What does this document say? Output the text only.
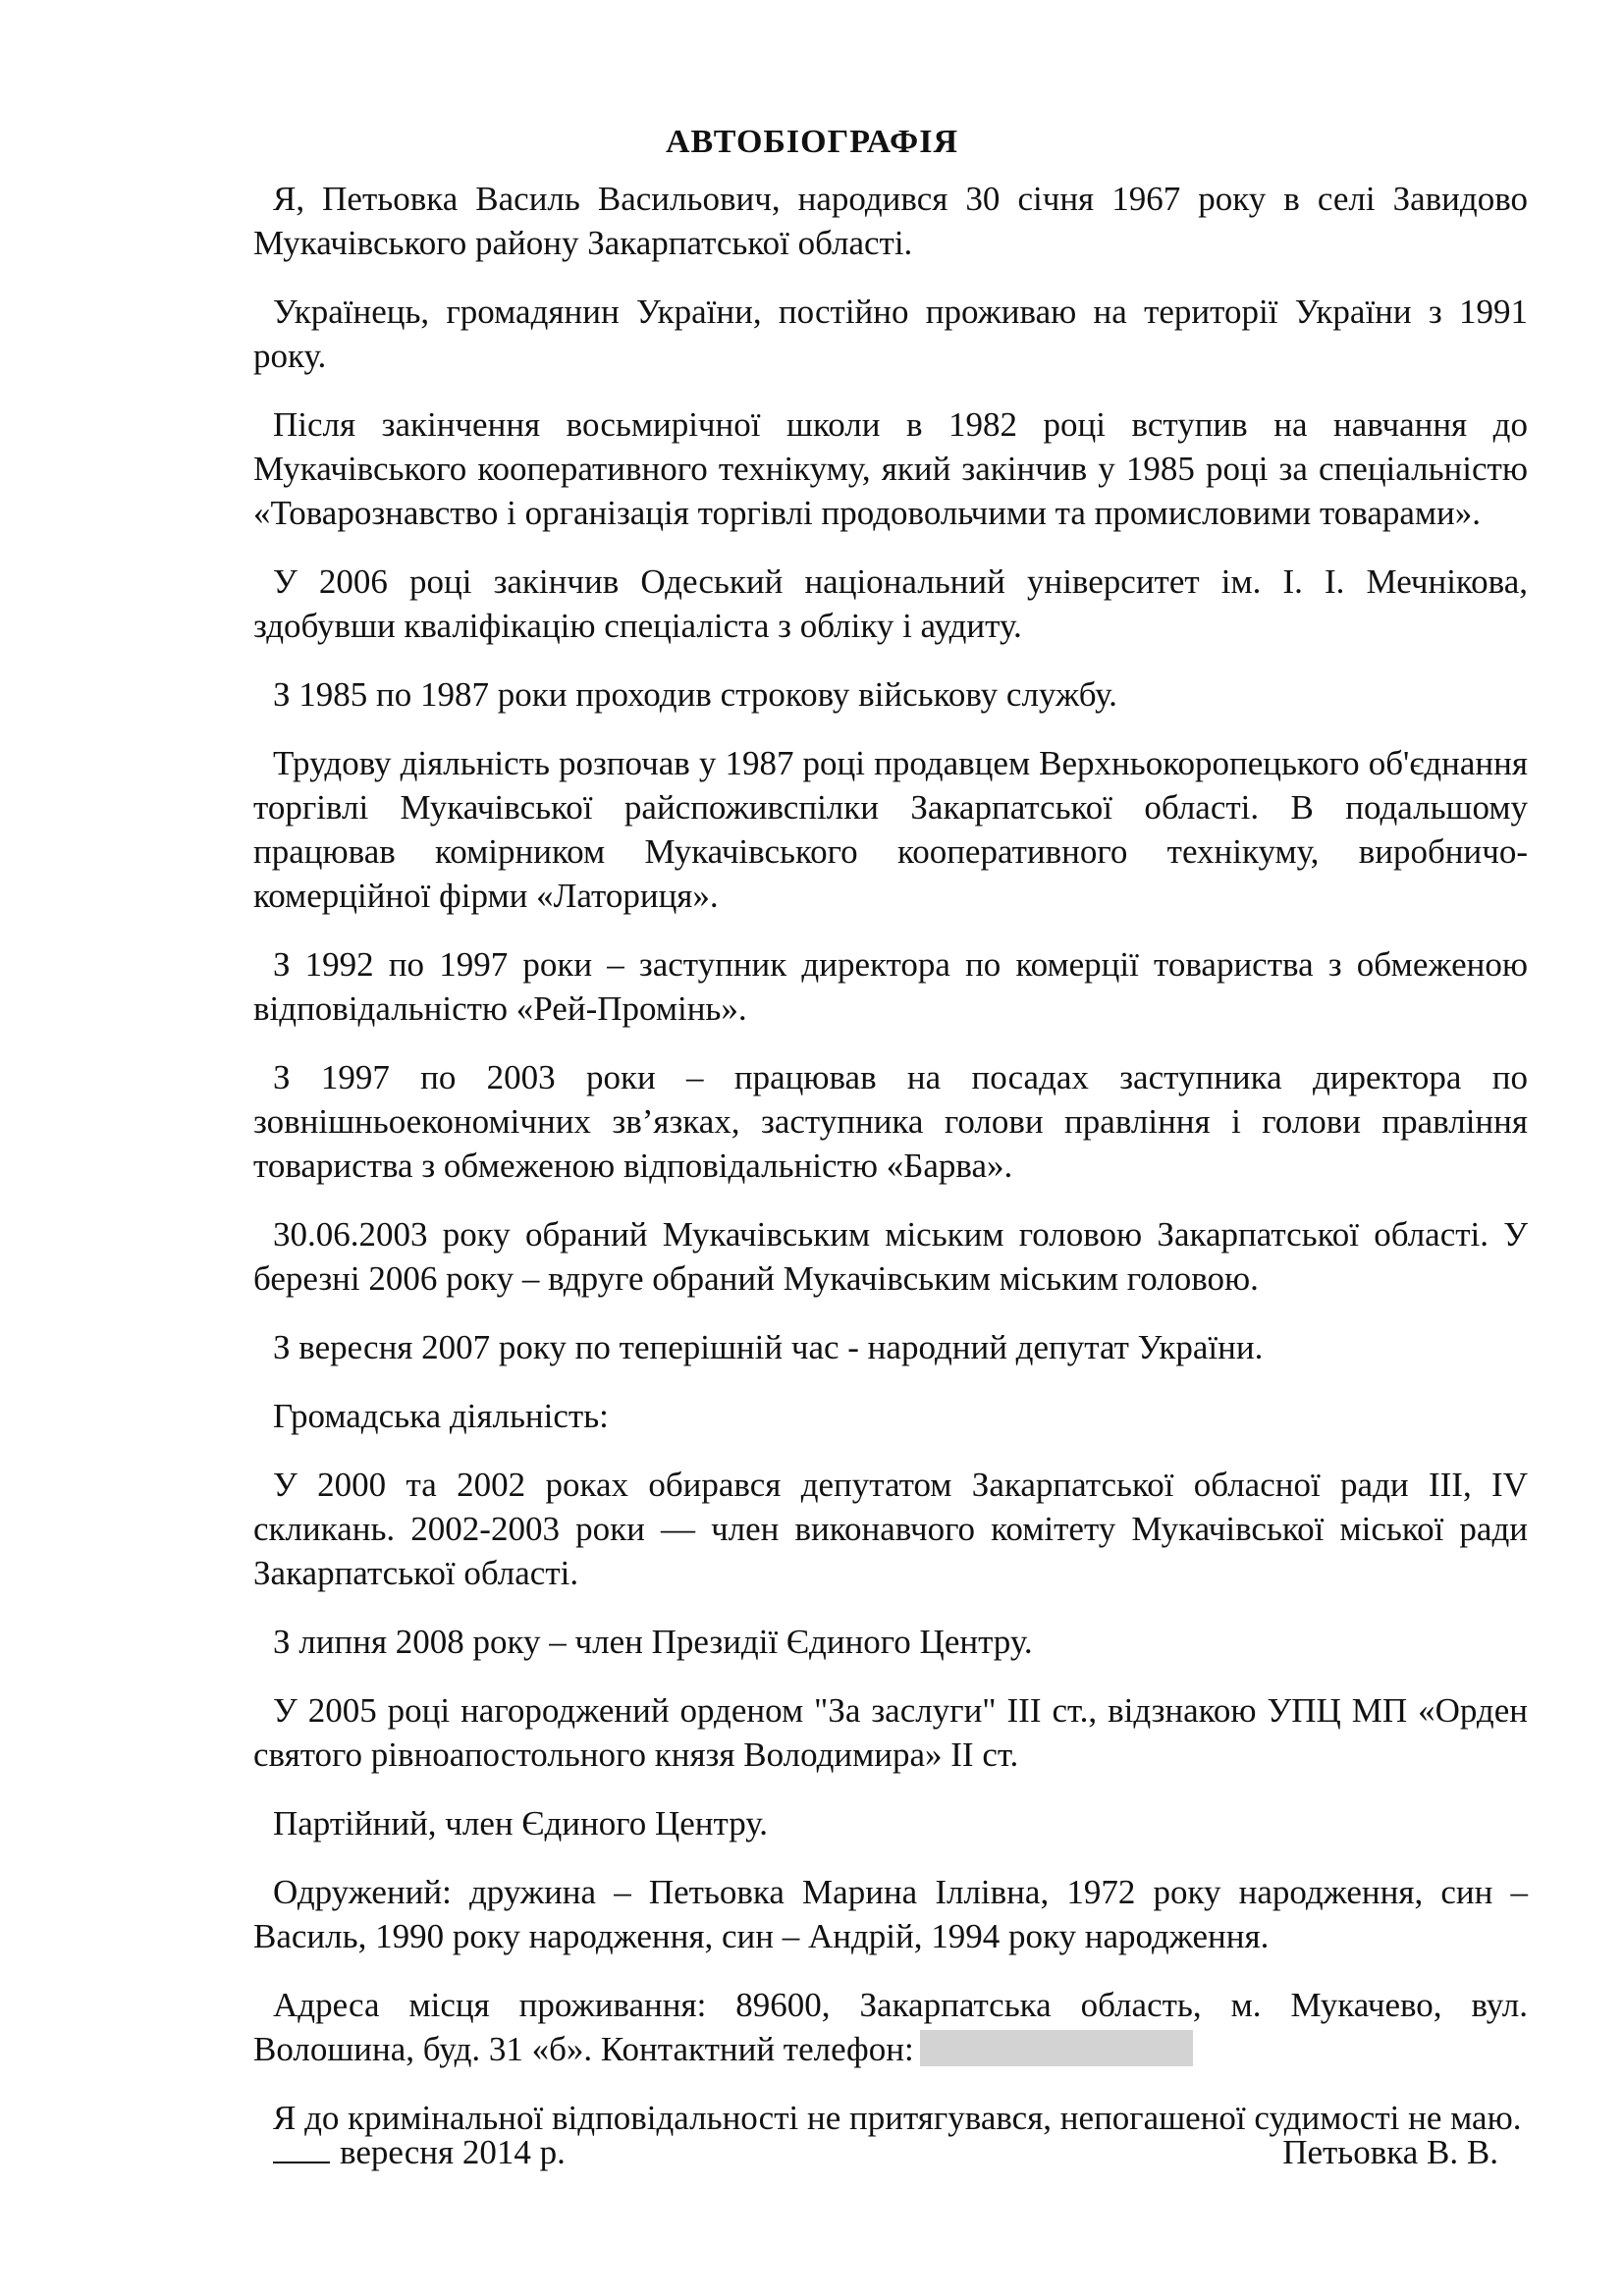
АВТОБІОГРАФІЯ

Я, Петьовка Василь Васильович, народився 30 січня 1967 року в селі Завидово Мукачівського району Закарпатської області.

Українець, громадянин України, постійно проживаю на території України з 1991 року.

Після закінчення восьмирічної школи в 1982 році вступив на навчання до Мукачівського кооперативного технікуму, який закінчив у 1985 році за спеціальністю «Товарознавство і організація торгівлі продовольчими та промисловими товарами».

У 2006 році закінчив Одеський національний університет ім. І. І. Мечнікова, здобувши кваліфікацію спеціаліста з обліку і аудиту.

З 1985 по 1987 роки проходив строкову військову службу.

Трудову діяльність розпочав у 1987 році продавцем Верхньокоропецького об'єднання торгівлі Мукачівської райспоживспілки Закарпатської області. В подальшому працював комірником Мукачівського кооперативного технікуму, виробничо-комерційної фірми «Латориця».

З 1992 по 1997 роки – заступник директора по комерції товариства з обмеженою відповідальністю «Рей-Промінь».

З 1997 по 2003 роки – працював на посадах заступника директора по зовнішньоекономічних зв’язках, заступника голови правління і голови правління товариства з обмеженою відповідальністю «Барва».

30.06.2003 року обраний Мукачівським міським головою Закарпатської області. У березні 2006 року – вдруге обраний Мукачівським міським головою.

З вересня 2007 року по теперішній час - народний депутат України.

Громадська діяльність:

У 2000 та 2002 роках обирався депутатом Закарпатської обласної ради ІІІ, ІV скликань. 2002-2003 роки — член виконавчого комітету Мукачівської міської ради Закарпатської області.

З липня 2008 року – член Президії Єдиного Центру.

У 2005 році нагороджений орденом "За заслуги" ІІІ ст., відзнакою УПЦ МП «Орден святого рівноапостольного князя Володимира» ІІ ст.

Партійний, член Єдиного Центру.

Одружений: дружина – Петьовка Марина Іллівна, 1972 року народження, син – Василь, 1990 року народження, син – Андрій, 1994 року народження.

Адреса місця проживання: 89600, Закарпатська область, м. Мукачево, вул. Волошина, буд. 31 «б». Контактний телефон:

Я до кримінальної відповідальності не притягувався, непогашеної судимості не маю.

вересня 2014 р.	Петьовка В. В.
